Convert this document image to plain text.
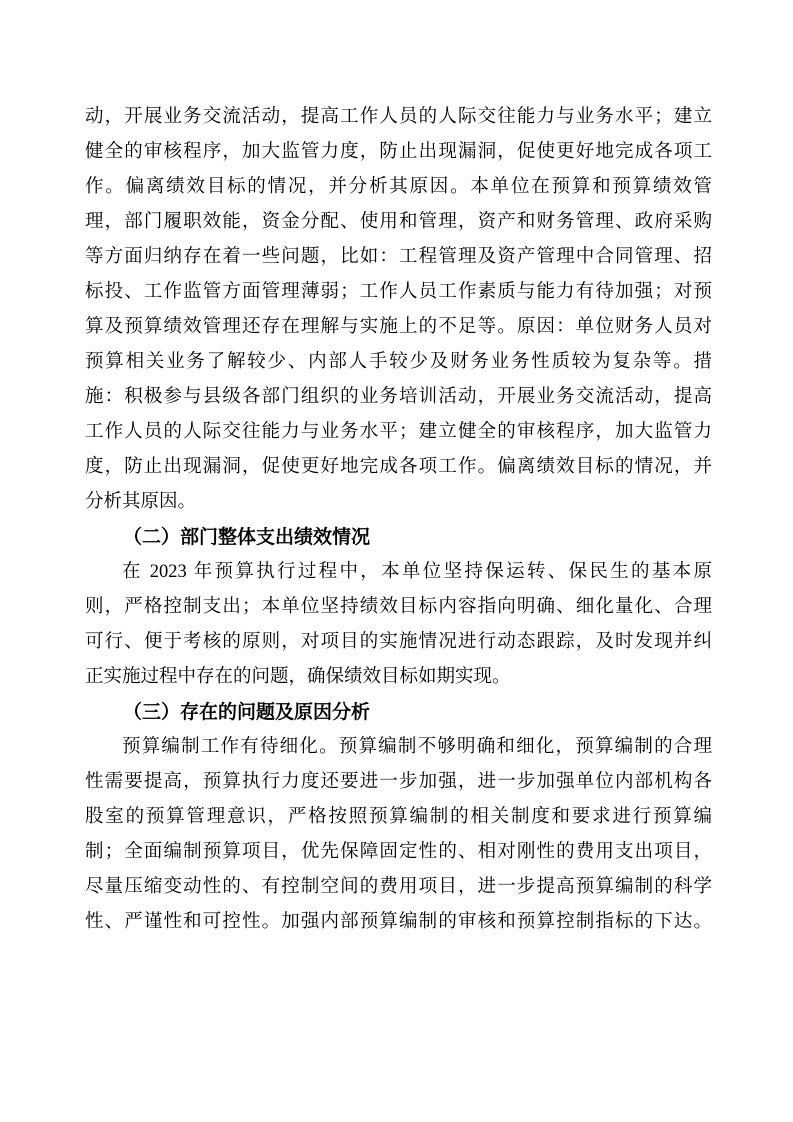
动，开展业务交流活动，提高工作人员的人际交往能力与业务水平；建立
健全的审核程序，加大监管力度，防止出现漏洞，促使更好地完成各项工
作。偏离绩效目标的情况，并分析其原因。本单位在预算和预算绩效管
理，部门履职效能，资金分配、使用和管理，资产和财务管理、政府采购
等方面归纳存在着一些问题，比如：工程管理及资产管理中合同管理、招
标投、工作监管方面管理薄弱；工作人员工作素质与能力有待加强；对预
算及预算绩效管理还存在理解与实施上的不足等。原因：单位财务人员对
预算相关业务了解较少、内部人手较少及财务业务性质较为复杂等。措
施：积极参与县级各部门组织的业务培训活动，开展业务交流活动，提高
工作人员的人际交往能力与业务水平；建立健全的审核程序，加大监管力
度，防止出现漏洞，促使更好地完成各项工作。偏离绩效目标的情况，并
分析其原因。
（二）部门整体支出绩效情况
在 2023 年预算执行过程中，本单位坚持保运转、保民生的基本原
则，严格控制支出；本单位坚持绩效目标内容指向明确、细化量化、合理
可行、便于考核的原则，对项目的实施情况进行动态跟踪，及时发现并纠
正实施过程中存在的问题，确保绩效目标如期实现。
（三）存在的问题及原因分析
预算编制工作有待细化。预算编制不够明确和细化，预算编制的合理
性需要提高，预算执行力度还要进一步加强，进一步加强单位内部机构各
股室的预算管理意识，严格按照预算编制的相关制度和要求进行预算编
制；全面编制预算项目，优先保障固定性的、相对刚性的费用支出项目，
尽量压缩变动性的、有控制空间的费用项目，进一步提高预算编制的科学
性、严谨性和可控性。加强内部预算编制的审核和预算控制指标的下达。
